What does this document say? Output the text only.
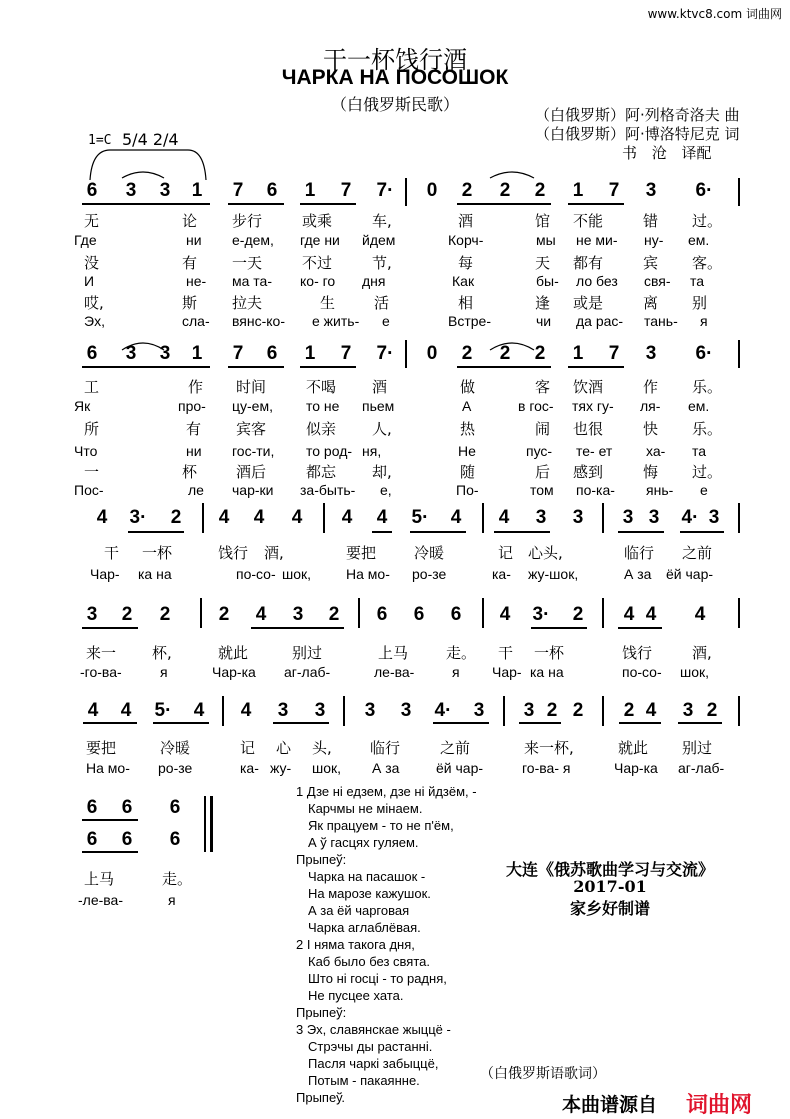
www.ktvc8.com 词曲网
干一杯饯行酒
ЧАРКА НА ПОСОШОК
（白俄罗斯民歌）
（白俄罗斯）阿·列格奇洛夫 曲
（白俄罗斯）阿·博洛特尼克 词
书 沧 译配
1=C 5/4 2/4
6 3 3 1 7 6 1 7 7· 0 2 2 2 1 7 3 6·
无	论 步行	或乘	车,	酒	馆 不能	错 过。
Где	ни е-дем, где ни йдем	Корч-	мы не ми- ну- ем.
没	有 一天	不过	节,	每	天 都有	宾 客。
И	не- ма та- ко- го дня	Как	бы- ло без свя- та
哎,	斯 拉夫	生	活	相	逢 或是	离 别
Эх,	сла- вянс-ко- е жить- е	Встре-	чи да рас- тань- я
6 3 3 1 7 6 1 7 7· 0 2 2 2 1 7 3 6·
工	作 时间	不喝 酒	做	客 饮酒	作 乐。
Як	про- цу-ем, то не пьем	А	в гос- тях гу- ля- ем.
所	有 宾客	似亲 人,	热	闹 也很	快 乐。
Что	ни гос-ти, то род- ня,	Не	пус- те- ет ха- та
一	杯	酒后	都忘 却,	随	后 感到	悔 过。
Пос-	ле чар-ки за-быть- е,	По-	том по-ка- янь- е
4 3· 2 4 4 4 4 4 5· 4 4 3 3 3 3 4· 3
干 一杯	饯行 酒,	要把	冷暖	记 心头,	临行 之前
Чар- ка на	по-со- шок, На мо- ро-зе	ка- жу-шок,	А за ёй чар-
3 2 2	2 4 3 2 6 6 6 4 3· 2 4 4 4
来一 杯,	就此	别过	上马	走。 干 一杯	饯行	酒,
-го-ва-	я	Чар-ка аг-лаб-	ле-ва-	я Чар- ка на	по-со- шок,
4 4 5· 4 4 3 3 3 3 4· 3 3 2 2 2 4 3 2
要把	冷暖	记 心 头,	临行	之前	来一杯,	就此 别过
На мо- ро-зе	ка- жу- шок, А за	ёй чар-	го-ва- я	Чар-ка аг-лаб-
6 6 6
6 6 6
上马	走。
-ле-ва-	я
1 Дзе ні едзем, дзе ні йдзём, -
Карчмы не мінаем.
Як працуем - то не п'ём,
А ў гасцях гуляем.
Прыпеў:
Чарка на пасашок -
На марозе кажушок.
А за ёй чарговая
Чарка аглаблёвая.
2 І няма такога дня,
Каб было без свята.
Што ні госці - то радня,
Не пусцее хата.
Прыпеў:
3 Эх, славянскае жыццё -
Стрэчы ды растанні.
Пасля чаркі забыццё,
Потым - пакаянне.
Прыпеў.
大连《俄苏歌曲学习与交流》
2017-01
家乡好制谱
（白俄罗斯语歌词）
本曲谱源自 词曲网
